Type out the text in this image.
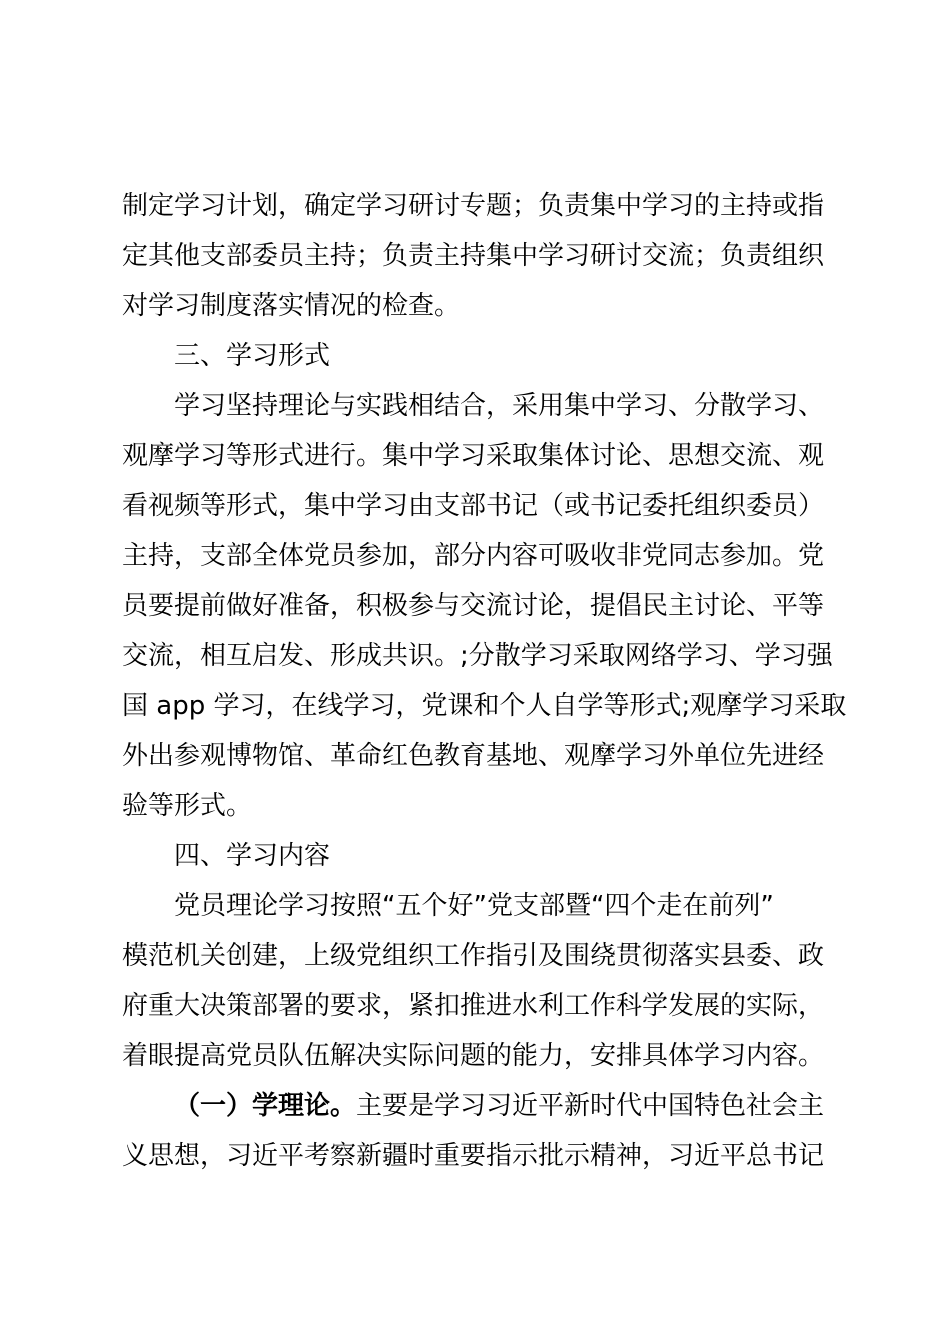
制定学习计划，确定学习研讨专题；负责集中学习的主持或指

定其他支部委员主持；负责主持集中学习研讨交流；负责组织

对学习制度落实情况的检查。

三、学习形式

学习坚持理论与实践相结合，采用集中学习、分散学习、

观摩学习等形式进行。集中学习采取集体讨论、思想交流、观

看视频等形式，集中学习由支部书记（或书记委托组织委员）

主持，支部全体党员参加，部分内容可吸收非党同志参加。党

员要提前做好准备，积极参与交流讨论，提倡民主讨论、平等

交流，相互启发、形成共识。;分散学习采取网络学习、学习强

国 app 学习，在线学习，党课和个人自学等形式;观摩学习采取

外出参观博物馆、革命红色教育基地、观摩学习外单位先进经

验等形式。

四、学习内容

党员理论学习按照“五个好”党支部暨“四个走在前列”

模范机关创建，上级党组织工作指引及围绕贯彻落实县委、政

府重大决策部署的要求，紧扣推进水利工作科学发展的实际，

着眼提高党员队伍解决实际问题的能力，安排具体学习内容。

（一）学理论。主要是学习习近平新时代中国特色社会主

义思想，习近平考察新疆时重要指示批示精神，习近平总书记
